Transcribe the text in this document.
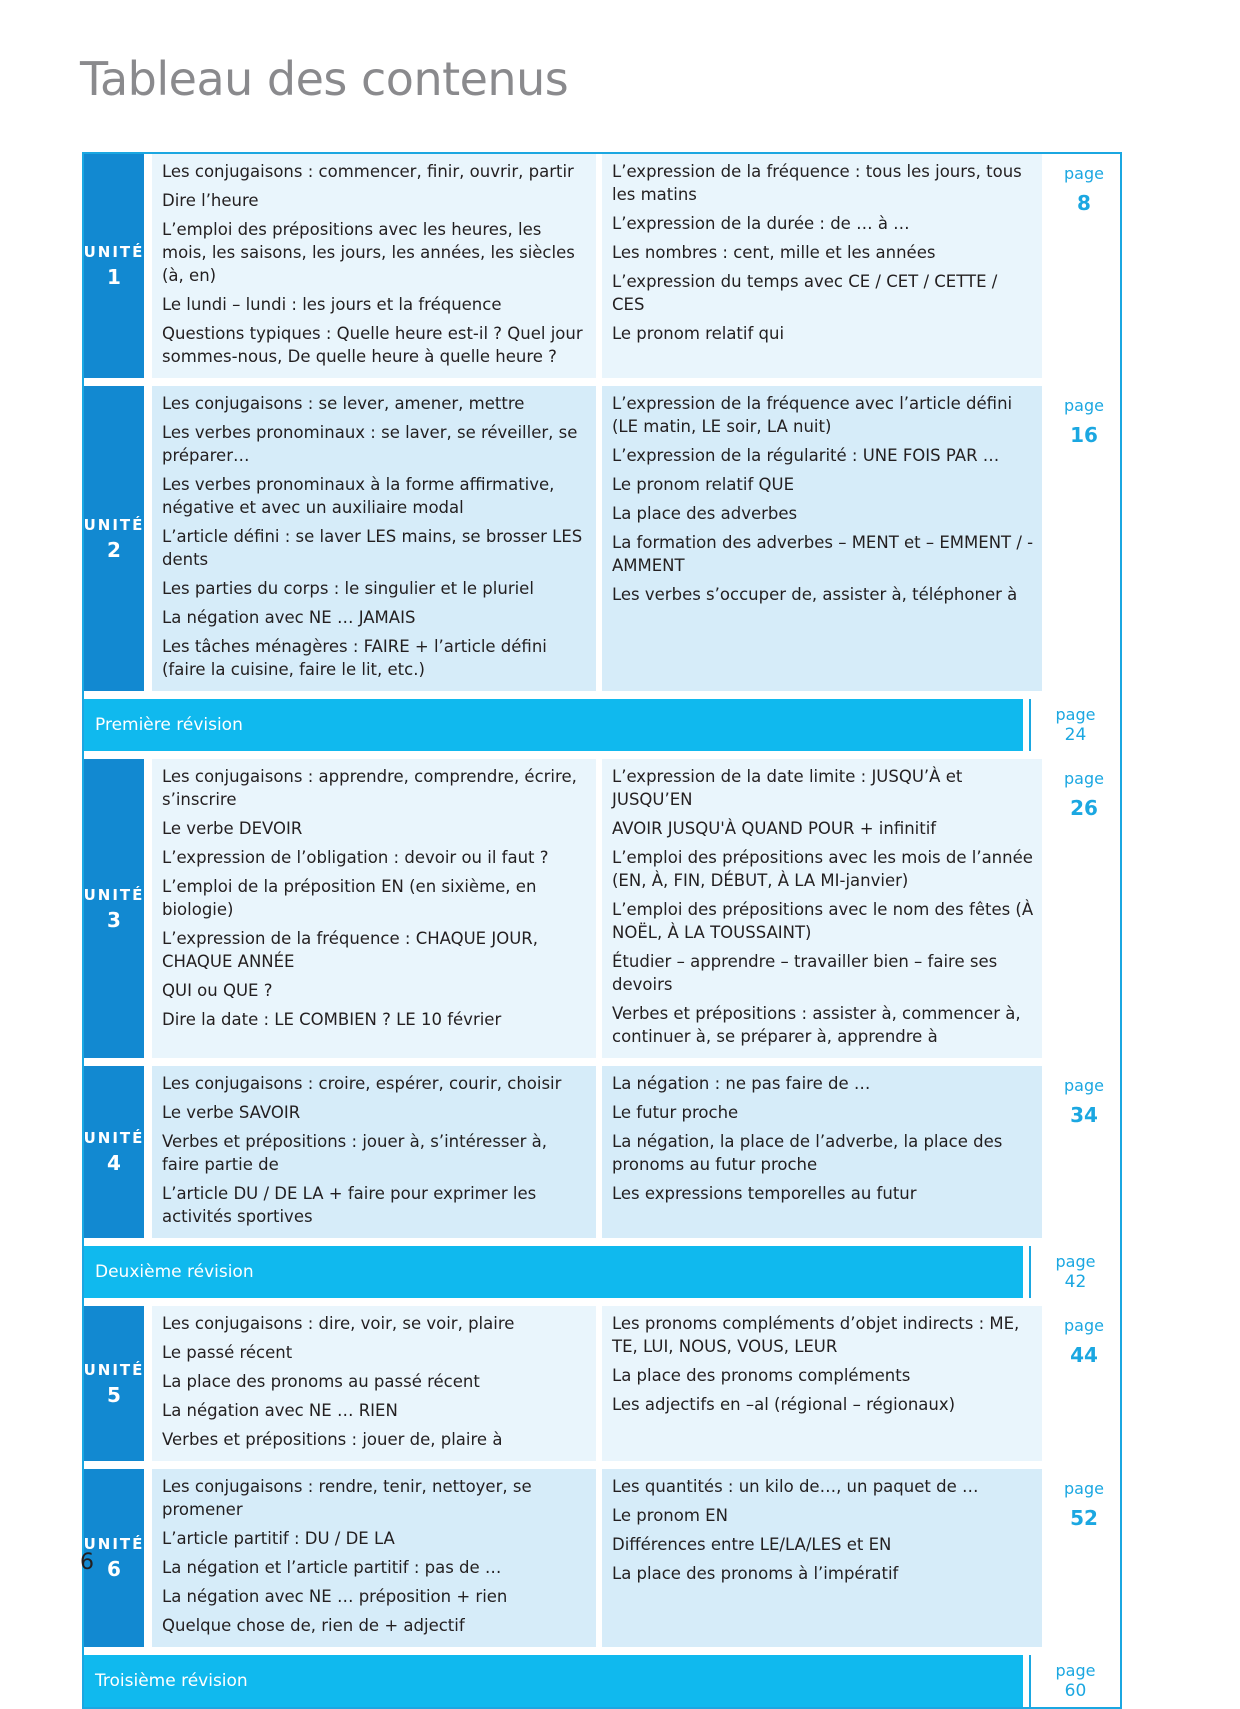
Tableau des contenus
UNITÉ
1
Les conjugaisons : commencer, finir, ouvrir, partir
Dire l’heure
L’emploi des prépositions avec les heures, les mois, les saisons, les jours, les années, les siècles (à, en)
Le lundi – lundi : les jours et la fréquence
Questions typiques : Quelle heure est-il ? Quel jour sommes-nous, De quelle heure à quelle heure ?
L’expression de la fréquence : tous les jours, tous les matins
L’expression de la durée : de … à …
Les nombres : cent, mille et les années
L’expression du temps avec CE / CET / CETTE / CES
Le pronom relatif qui
page
8
UNITÉ
2
Les conjugaisons : se lever, amener, mettre
Les verbes pronominaux : se laver, se réveiller, se préparer…
Les verbes pronominaux à la forme affirmative, négative et avec un auxiliaire modal
L’article défini : se laver LES mains, se brosser LES dents
Les parties du corps : le singulier et le pluriel
La négation avec NE … JAMAIS
Les tâches ménagères : FAIRE + l’article défini (faire la cuisine, faire le lit, etc.)
L’expression de la fréquence avec l’article défini (LE matin, LE soir, LA nuit)
L’expression de la régularité : UNE FOIS PAR …
Le pronom relatif QUE
La place des adverbes
La formation des adverbes – MENT et – EMMENT / -AMMENT
Les verbes s’occuper de, assister à, téléphoner à
page
16
Première révision
page
24
UNITÉ
3
Les conjugaisons : apprendre, comprendre, écrire, s’inscrire
Le verbe DEVOIR
L’expression de l’obligation : devoir ou il faut ?
L’emploi de la préposition EN (en sixième, en biologie)
L’expression de la fréquence : CHAQUE JOUR, CHAQUE ANNÉE
QUI ou QUE ?
Dire la date : LE COMBIEN ? LE 10 février
L’expression de la date limite : JUSQU’À et JUSQU’EN
AVOIR JUSQU'À QUAND POUR + infinitif
L’emploi des prépositions avec les mois de l’année (EN, À, FIN, DÉBUT, À LA MI-janvier)
L’emploi des prépositions avec le nom des fêtes (À NOËL, À LA TOUSSAINT)
Étudier – apprendre – travailler bien – faire ses devoirs
Verbes et prépositions : assister à, commencer à, continuer à, se préparer à, apprendre à
page
26
UNITÉ
4
Les conjugaisons : croire, espérer, courir, choisir
Le verbe SAVOIR
Verbes et prépositions : jouer à, s’intéresser à, faire partie de
L’article DU / DE LA + faire pour exprimer les activités sportives
La négation : ne pas faire de …
Le futur proche
La négation, la place de l’adverbe, la place des pronoms au futur proche
Les expressions temporelles au futur
page
34
Deuxième révision
page
42
UNITÉ
5
Les conjugaisons : dire, voir, se voir, plaire
Le passé récent
La place des pronoms au passé récent
La négation avec NE … RIEN
Verbes et prépositions : jouer de, plaire à
Les pronoms compléments d’objet indirects : ME, TE, LUI, NOUS, VOUS, LEUR
La place des pronoms compléments
Les adjectifs en –al (régional – régionaux)
page
44
UNITÉ
6
Les conjugaisons : rendre, tenir, nettoyer, se promener
L’article partitif : DU / DE LA
La négation et l’article partitif : pas de …
La négation avec NE … préposition + rien
Quelque chose de, rien de + adjectif
Les quantités : un kilo de…, un paquet de …
Le pronom EN
Différences entre LE/LA/LES et EN
La place des pronoms à l’impératif
page
52
Troisième révision
page
60
6
